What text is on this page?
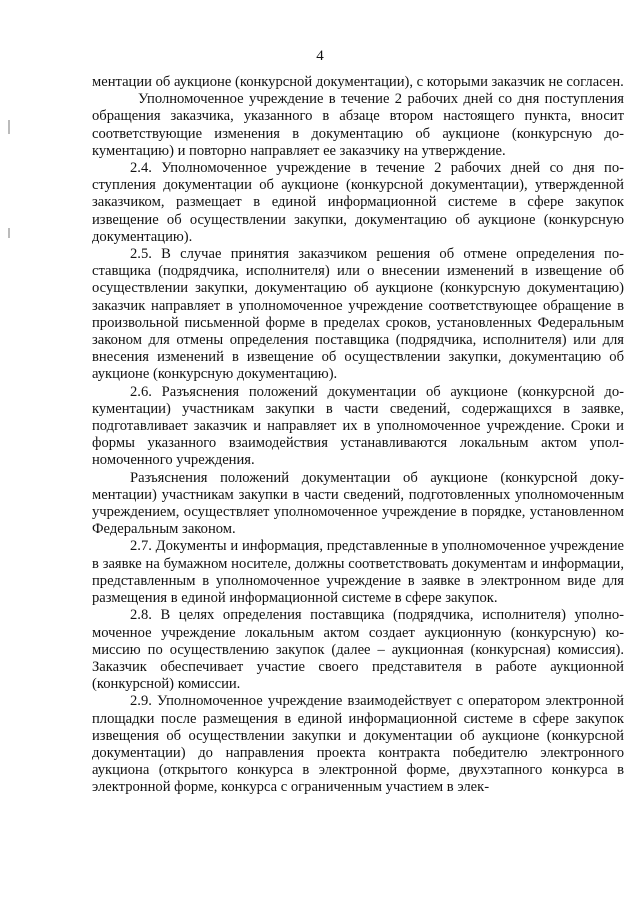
4

ментации об аукционе (конкурсной документации), с которыми заказчик не согласен.

Уполномоченное учреждение в течение 2 рабочих дней со дня поступления обращения заказчика, указанного в абзаце втором настоящего пункта, вносит соответствующие изменения в документацию об аукционе (конкурсную документацию) и повторно направляет ее заказчику на утверждение.

2.4. Уполномоченное учреждение в течение 2 рабочих дней со дня поступления документации об аукционе (конкурсной документации), утвержденной заказчиком, размещает в единой информационной системе в сфере закупок извещение об осуществлении закупки, документацию об аукционе (конкурсную документацию).

2.5. В случае принятия заказчиком решения об отмене определения поставщика (подрядчика, исполнителя) или о внесении изменений в извещение об осуществлении закупки, документацию об аукционе (конкурсную документацию) заказчик направляет в уполномоченное учреждение соответствующее обращение в произвольной письменной форме в пределах сроков, установленных Федеральным законом для отмены определения поставщика (подрядчика, исполнителя) или для внесения изменений в извещение об осуществлении закупки, документацию об аукционе (конкурсную документацию).

2.6. Разъяснения положений документации об аукционе (конкурсной документации) участникам закупки в части сведений, содержащихся в заявке, подготавливает заказчик и направляет их в уполномоченное учреждение. Сроки и формы указанного взаимодействия устанавливаются локальным актом уполномоченного учреждения.

Разъяснения положений документации об аукционе (конкурсной документации) участникам закупки в части сведений, подготовленных уполномоченным учреждением, осуществляет уполномоченное учреждение в порядке, установленном Федеральным законом.

2.7. Документы и информация, представленные в уполномоченное учреждение в заявке на бумажном носителе, должны соответствовать документам и информации, представленным в уполномоченное учреждение в заявке в электронном виде для размещения в единой информационной системе в сфере закупок.

2.8. В целях определения поставщика (подрядчика, исполнителя) уполномоченное учреждение локальным актом создает аукционную (конкурсную) комиссию по осуществлению закупок (далее – аукционная (конкурсная) комиссия). Заказчик обеспечивает участие своего представителя в работе аукционной (конкурсной) комиссии.

2.9. Уполномоченное учреждение взаимодействует с оператором электронной площадки после размещения в единой информационной системе в сфере закупок извещения об осуществлении закупки и документации об аукционе (конкурсной документации) до направления проекта контракта победителю электронного аукциона (открытого конкурса в электронной форме, двухэтапного конкурса в электронной форме, конкурса с ограниченным участием в элек-
